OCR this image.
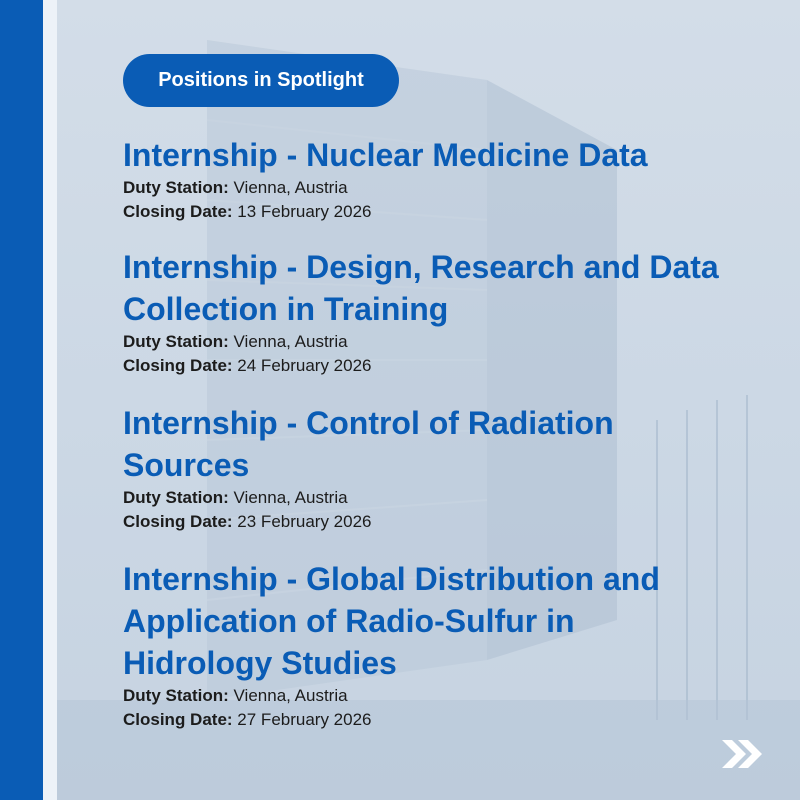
Positions in Spotlight
Internship - Nuclear Medicine Data
Duty Station: Vienna, Austria
Closing Date: 13 February 2026
Internship - Design, Research and Data Collection in Training
Duty Station: Vienna, Austria
Closing Date: 24 February 2026
Internship - Control of Radiation Sources
Duty Station: Vienna, Austria
Closing Date: 23 February 2026
Internship - Global Distribution and Application of Radio-Sulfur in Hidrology Studies
Duty Station: Vienna, Austria
Closing Date: 27 February 2026
